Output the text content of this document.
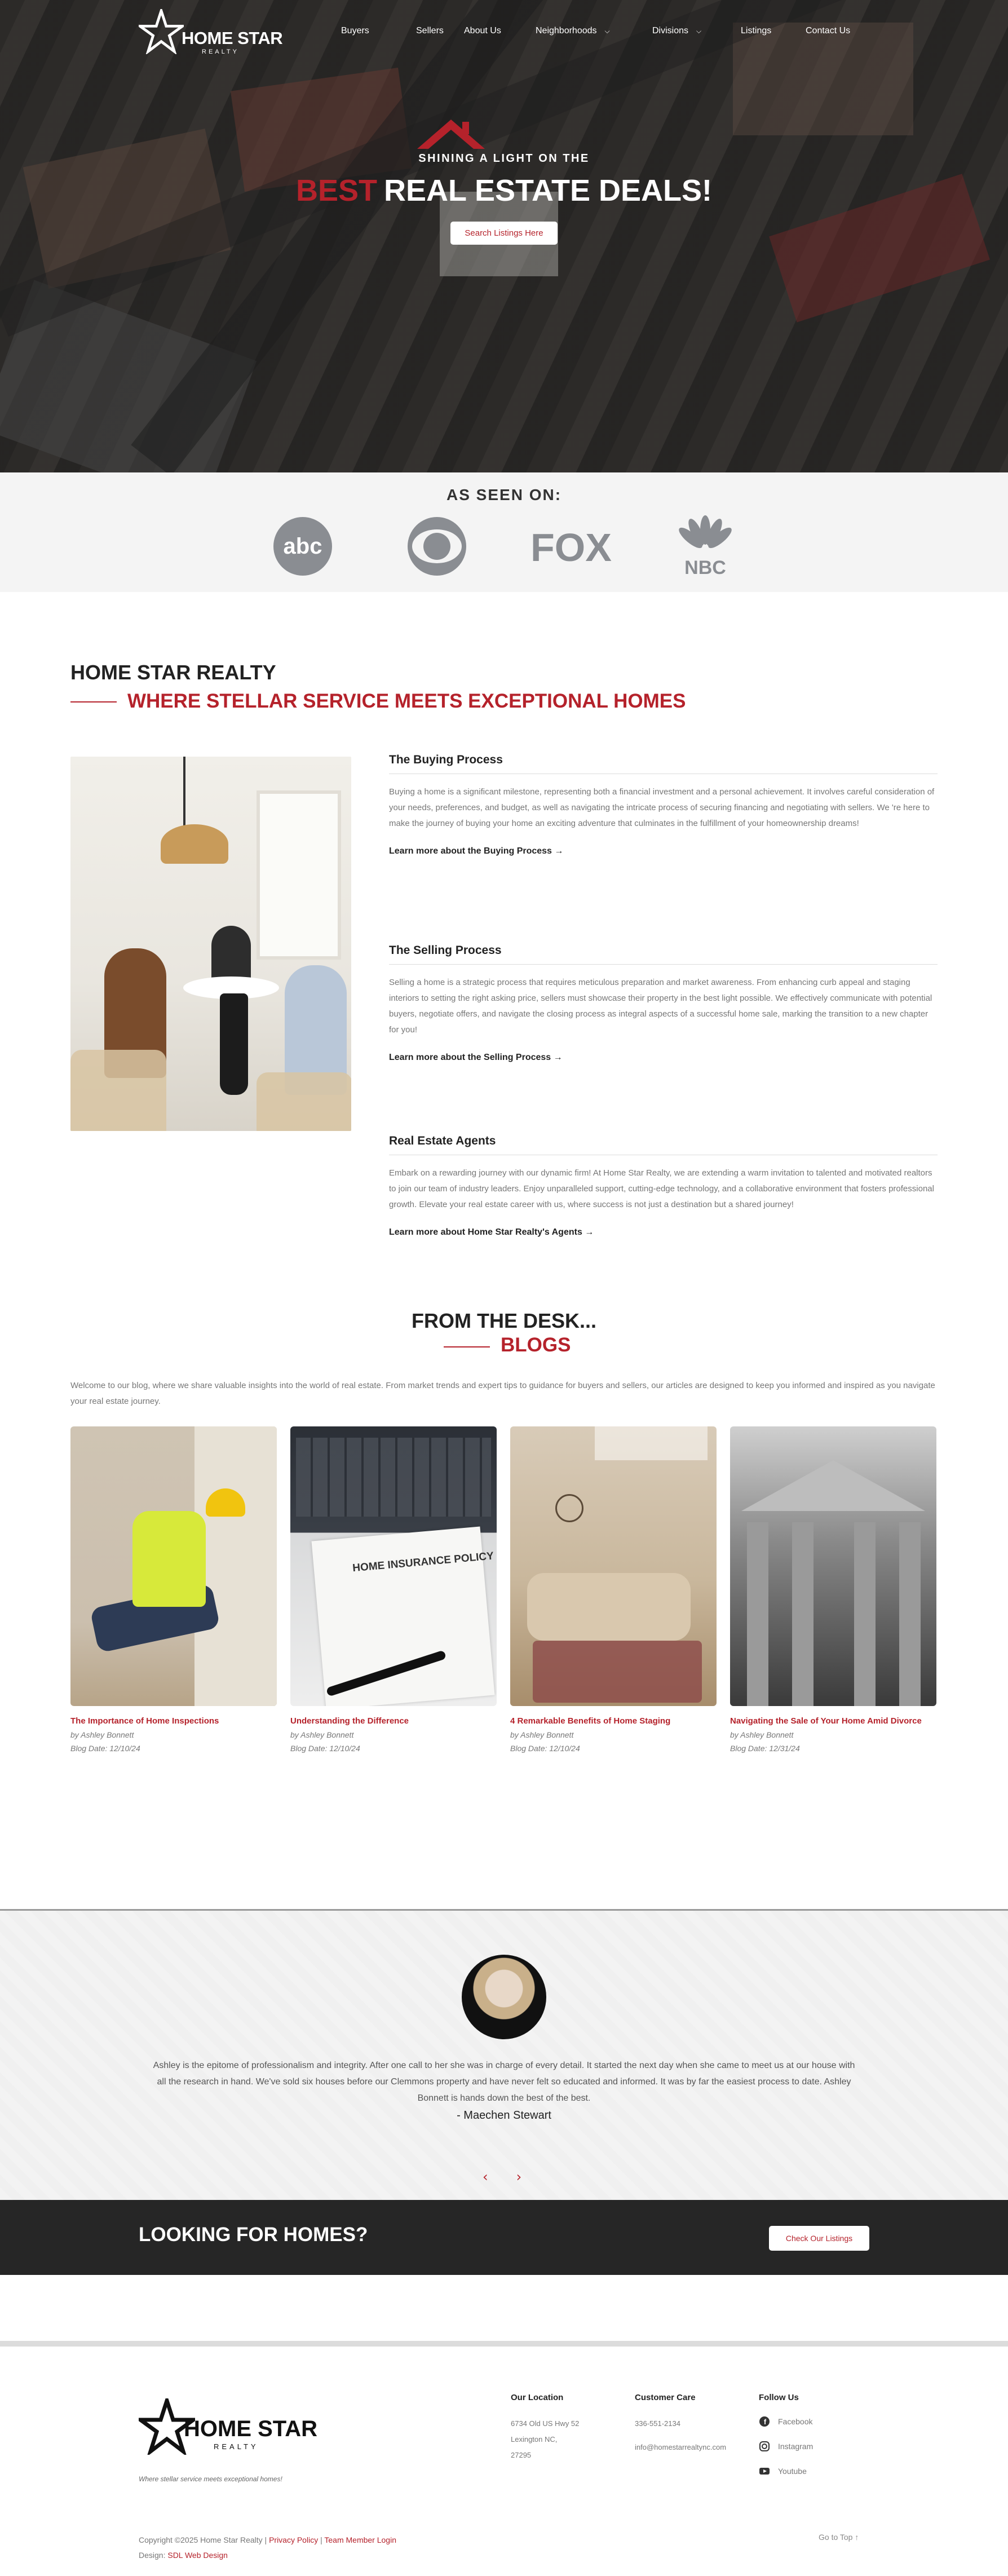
HOME STAR
REALTY
Buyers	Sellers About Us	Neighborhoods ⌵	Divisions ⌵	Listings	Contact Us
SHINING A LIGHT ON THE
BEST REAL ESTATE DEALS!
Search Listings Here
AS SEEN ON:
abc	FOX	NBC
HOME STAR REALTY
WHERE STELLAR SERVICE MEETS EXCEPTIONAL HOMES
The Buying Process

Buying a home is a significant milestone, representing both a financial investment and a personal achievement. It involves careful consideration of your needs, preferences, and budget, as well as navigating the intricate process of securing financing and negotiating with sellers. We 're here to make the journey of buying your home an exciting adventure that culminates in the fulfillment of your homeownership dreams!

Learn more about the Buying Process →
The Selling Process

Selling a home is a strategic process that requires meticulous preparation and market awareness. From enhancing curb appeal and staging interiors to setting the right asking price, sellers must showcase their property in the best light possible. We effectively communicate with potential buyers, negotiate offers, and navigate the closing process as integral aspects of a successful home sale, marking the transition to a new chapter for you!

Learn more about the Selling Process →
Real Estate Agents

Embark on a rewarding journey with our dynamic firm! At Home Star Realty, we are extending a warm invitation to talented and motivated realtors to join our team of industry leaders. Enjoy unparalleled support, cutting-edge technology, and a collaborative environment that fosters professional growth. Elevate your real estate career with us, where success is not just a destination but a shared journey!

Learn more about Home Star Realty's Agents →
FROM THE DESK...
BLOGS

Welcome to our blog, where we share valuable insights into the world of real estate. From market trends and expert tips to guidance for buyers and sellers, our articles are designed to keep you informed and inspired as you navigate your real estate journey.

The Importance of Home Inspections
by Ashley Bonnett
Blog Date: 12/10/24
HOME INSURANCE POLICY
Understanding the Difference
by Ashley Bonnett
Blog Date: 12/10/24
4 Remarkable Benefits of Home Staging
by Ashley Bonnett
Blog Date: 12/10/24
Navigating the Sale of Your Home Amid Divorce
by Ashley Bonnett
Blog Date: 12/31/24

Ashley is the epitome of professionalism and integrity. After one call to her she was in charge of every detail. It started the next day when she came to meet us at our house with all the research in hand. We've sold six houses before our Clemmons property and have never felt so educated and informed. It was by far the easiest process to date. Ashley Bonnett is hands down the best of the best.

- Maechen Stewart
‹ ›
LOOKING FOR HOMES?	Check Our Listings
HOME STAR
REALTY
Where stellar service meets exceptional homes!
Our Location
6734 Old US Hwy 52
Lexington NC,
27295
Customer Care
336-551-2134
info@homestarrealtync.com
Follow Us
f Facebook
Instagram
Youtube
Copyright ©2025 Home Star Realty | Privacy Policy | Team Member Login
Design: SDL Web Design
Go to Top ↑
